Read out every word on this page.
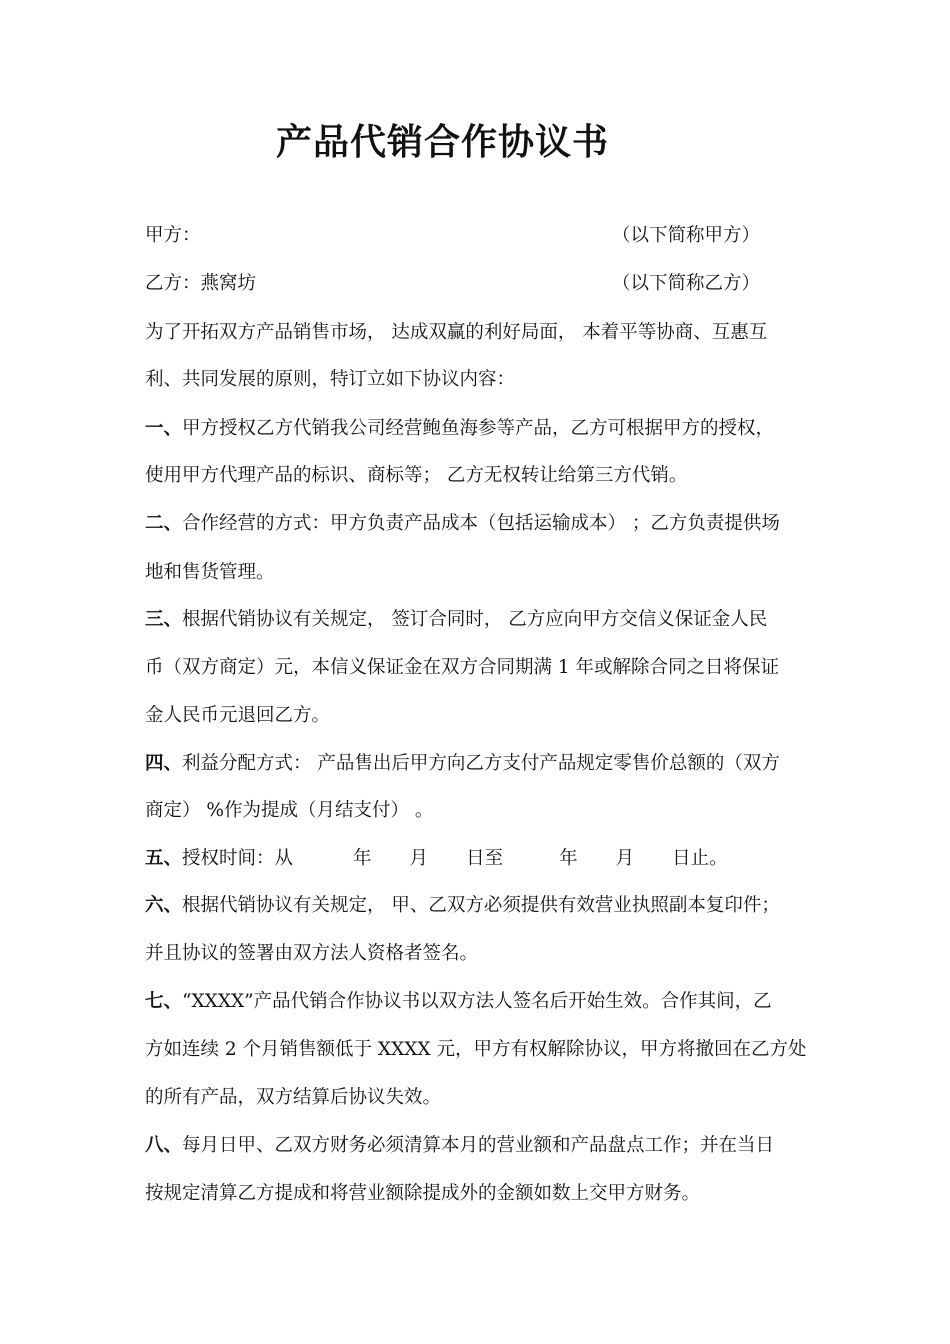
产品代销合作协议书

甲方：	（以下简称甲方）

乙方：燕窝坊	（以下简称乙方）

为了开拓双方产品销售市场， 达成双赢的利好局面， 本着平等协商、互惠互

利、共同发展的原则，特订立如下协议内容：

一、甲方授权乙方代销我公司经营鲍鱼海参等产品，乙方可根据甲方的授权，

使用甲方代理产品的标识、商标等； 乙方无权转让给第三方代销。

二、合作经营的方式：甲方负责产品成本（包括运输成本） ；乙方负责提供场

地和售货管理。

三、根据代销协议有关规定， 签订合同时， 乙方应向甲方交信义保证金人民

币（双方商定）元，本信义保证金在双方合同期满 1 年或解除合同之日将保证

金人民币元退回乙方。

四、利益分配方式： 产品售出后甲方向乙方支付产品规定零售价总额的（双方

商定） %作为提成（月结支付） 。

五、授权时间：从	年 月 日至	年 月 日止。

六、根据代销协议有关规定， 甲、乙双方必须提供有效营业执照副本复印件；

并且协议的签署由双方法人资格者签名。

七、“XXXX”产品代销合作协议书以双方法人签名后开始生效。合作其间，乙

方如连续 2 个月销售额低于 XXXX 元，甲方有权解除协议，甲方将撤回在乙方处

的所有产品，双方结算后协议失效。

八、每月日甲、乙双方财务必须清算本月的营业额和产品盘点工作；并在当日

按规定清算乙方提成和将营业额除提成外的金额如数上交甲方财务。
